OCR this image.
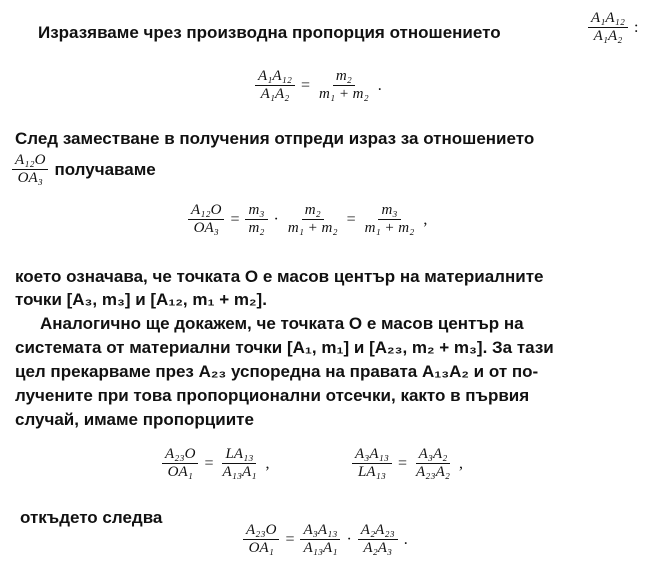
Изразяваме чрез производна пропорция отношението	$\frac{\text{A₁A₁₂}}{\text{A₁A₂}}$ :
$\frac{\text{A₁A₁₂}}{\text{A₁A₂}} = \frac{\text{m₂}}{\text{m₁ + m₂}}$ .
След заместване в получения отпреди израз за отношението
$\frac{\text{A₁₂O}}{\text{OA₃}}$ получаваме
$\frac{\text{A₁₂O}}{\text{OA₃}} = \frac{\text{m₃}}{\text{m₂}} \cdot \frac{\text{m₂}}{\text{m₁ + m₂}} = \frac{\text{m₃}}{\text{m₁ + m₂}}$ ,
което означава, че точката O е масов център на материалните
точки [A₃, m₃] и [A₁₂, m₁ + m₂].
Аналогично ще докажем, че точката O е масов център на
системата от материални точки [A₁, m₁] и [A₂₃, m₂ + m₃]. За тази
цел прекарваме през A₂₃ успоредна на правата A₁₃A₂ и от по-
лучените при това пропорционални отсечки, както в първия
случай, имаме пропорциите
$\frac{\text{A₂₃O}}{\text{OA₁}} = \frac{\text{LA₁₃}}{\text{A₁₃A₁}}$ ,	$\frac{\text{A₃A₁₃}}{\text{LA₁₃}} = \frac{\text{A₃A₂}}{\text{A₂₃A₂}}$ ,
откъдето следва
$\frac{\text{A₂₃O}}{\text{OA₁}} = \frac{\text{A₃A₁₃}}{\text{A₁₃A₁}} \cdot \frac{\text{A₂A₂₃}}{\text{A₂A₃}}$ .
